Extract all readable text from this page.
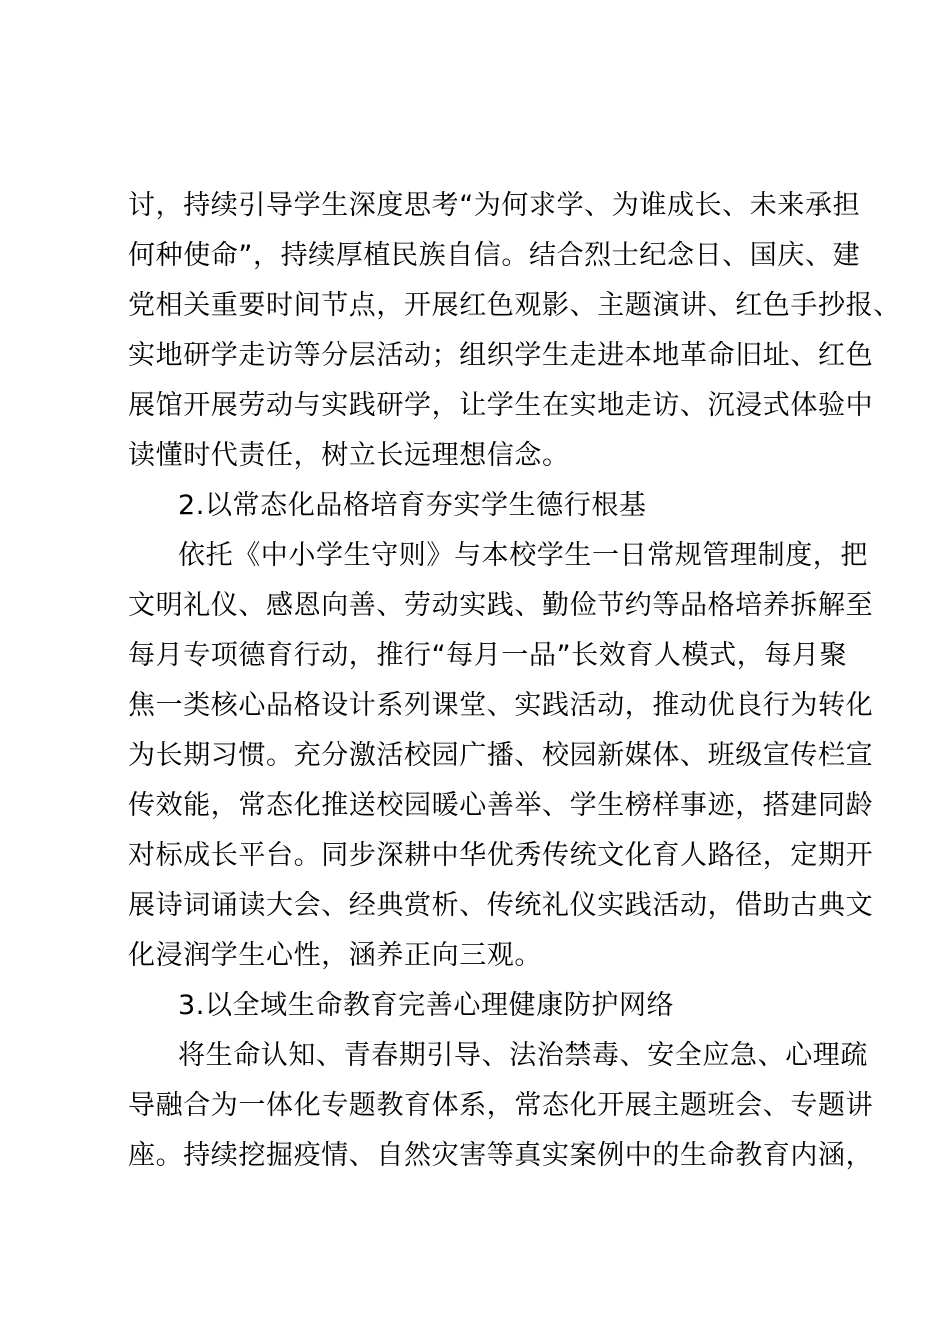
讨，持续引导学生深度思考“为何求学、为谁成长、未来承担
何种使命”，持续厚植民族自信。结合烈士纪念日、国庆、建
党相关重要时间节点，开展红色观影、主题演讲、红色手抄报、
实地研学走访等分层活动；组织学生走进本地革命旧址、红色
展馆开展劳动与实践研学，让学生在实地走访、沉浸式体验中
读懂时代责任，树立长远理想信念。
2.以常态化品格培育夯实学生德行根基
依托《中小学生守则》与本校学生一日常规管理制度，把
文明礼仪、感恩向善、劳动实践、勤俭节约等品格培养拆解至
每月专项德育行动，推行“每月一品”长效育人模式，每月聚
焦一类核心品格设计系列课堂、实践活动，推动优良行为转化
为长期习惯。充分激活校园广播、校园新媒体、班级宣传栏宣
传效能，常态化推送校园暖心善举、学生榜样事迹，搭建同龄
对标成长平台。同步深耕中华优秀传统文化育人路径，定期开
展诗词诵读大会、经典赏析、传统礼仪实践活动，借助古典文
化浸润学生心性，涵养正向三观。
3.以全域生命教育完善心理健康防护网络
将生命认知、青春期引导、法治禁毒、安全应急、心理疏
导融合为一体化专题教育体系，常态化开展主题班会、专题讲
座。持续挖掘疫情、自然灾害等真实案例中的生命教育内涵，
